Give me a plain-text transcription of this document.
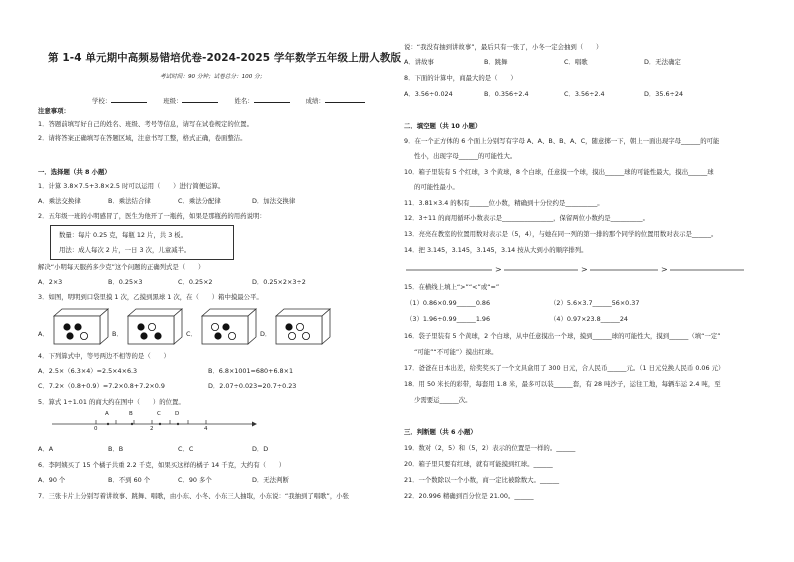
第 1-4 单元期中高频易错培优卷-2024-2025 学年数学五年级上册人教版
考试时间：90 分钟；试卷总分：100 分；
学校：	班级：	姓名：	成绩：
注意事项：
1．答题前填写好自己的姓名、班级、考号等信息，请写在试卷规定的位置。
2．请将答案正确填写在答题区域，注意书写工整，格式正确，卷面整洁。
一．选择题（共 8 小题）
1．计算 3.8×7.5+3.8×2.5 时可以运用（　　）进行简便运算。
A．乘法交换律	B．乘法结合律	C．乘法分配律	D．加法交换律
2．五年级一班的小明感冒了，医生为他开了一瓶药，如果是那瓶药的用药说明：
数量：每片 0.25 克，每瓶 12 片，共 3 板。
用法：成人每次 2 片，一日 3 次，儿童减半。
解决“小明每天服药多少克”这个问题的正确列式是（　　）
A．2×3	B．0.25×3	C．0.25×2	D．0.25×2×3÷2
3．如图，明明到口袋里摸 1 次，乙摸到黑球 1 次，在（　　）箱中摸最公平。
A．	B．	C．	D．
4．下列算式中，等号两边不相等的是（　　）
A．2.5×（6.3×4）=2.5×4×6.3	B．6.8×1001=680+6.8×1
C．7.2×（0.8+0.9）=7.2×0.8+7.2×0.9	D．2.07÷0.023=20.7÷0.23
5．算式 1÷1.01 的商大约在图中（　　）的位置。
A	B	C	D
0	2	4
A．A	B．B	C．C	D．D
6．李阿姨买了 15 个橘子共重 2.2 千克，如果买这样的橘子 14 千克，大约有（　　）
A．90 个	B．不到 60 个	C．90 多个	D．无法判断
7．三张卡片上分别写着讲故事、跳舞、唱歌，由小东、小冬、小东三人抽取，小东说：“我抽到了唱歌”，小张
说：“我没有抽到讲故事”，最后只有一张了，小冬一定会抽到（　　）
A．讲故事	B．跳舞	C．唱歌	D．无法确定
8．下面的计算中，商最大的是（　　）
A．3.56÷0.024	B．0.356÷2.4	C．3.56÷2.4	D．35.6÷24
二．填空题（共 10 小题）
9．在一个正方体的 6 个面上分别写有字母 A、A、B、B、A、C，随意掷一下，朝上一面出现字母______的可能
性小，出现字母______的可能性大。
10．箱子里装有 5 个红球，3 个黄球，8 个白球，任意摸一个球，摸出______球的可能性最大，摸出______球
的可能性最小。
11．3.81×3.4 的积有______位小数，精确到十分位约是__________。
12．3÷11 的商用循环小数表示是________________，保留两位小数约是__________。
13．亮亮在教室的位置用数对表示是（5，4），与她在同一列的第一排的那个同学的位置用数对表示是______。
14．把 3.145，3.145，3.145，3.14 按从大到小的顺序排列。
>	>	>
15．在横线上填上“>”“<”或“=”
（1）0.86×0.99______0.86	（2）5.6×3.7______56×0.37
（3）1.96÷0.99______1.96	（4）0.97×23.8______24
16．袋子里装有 5 个黄球，2 个白球，从中任意摸出一个球，摸到______球的可能性大，摸到______（填“一定”
“可能”“不可能”）摸出红球。
17．爸爸在日本出差，给奖奖买了一个文具盒用了 300 日元，合人民币______元。（1 日元兑换人民币 0.06 元）
18．用 50 米长的彩带，每套用 1.8 米，最多可以装______套，有 28 吨沙子，运往工地，每辆车运 2.4 吨，至
少需要运______次。
三．判断题（共 6 小题）
19．数对（2，5）和（5，2）表示的位置是一样的。______
20．箱子里只要有红球，就有可能摸到红球。______
21．一个数除以一个小数，商一定比被除数大。______
22．20.996 精确到百分位是 21.00。______
